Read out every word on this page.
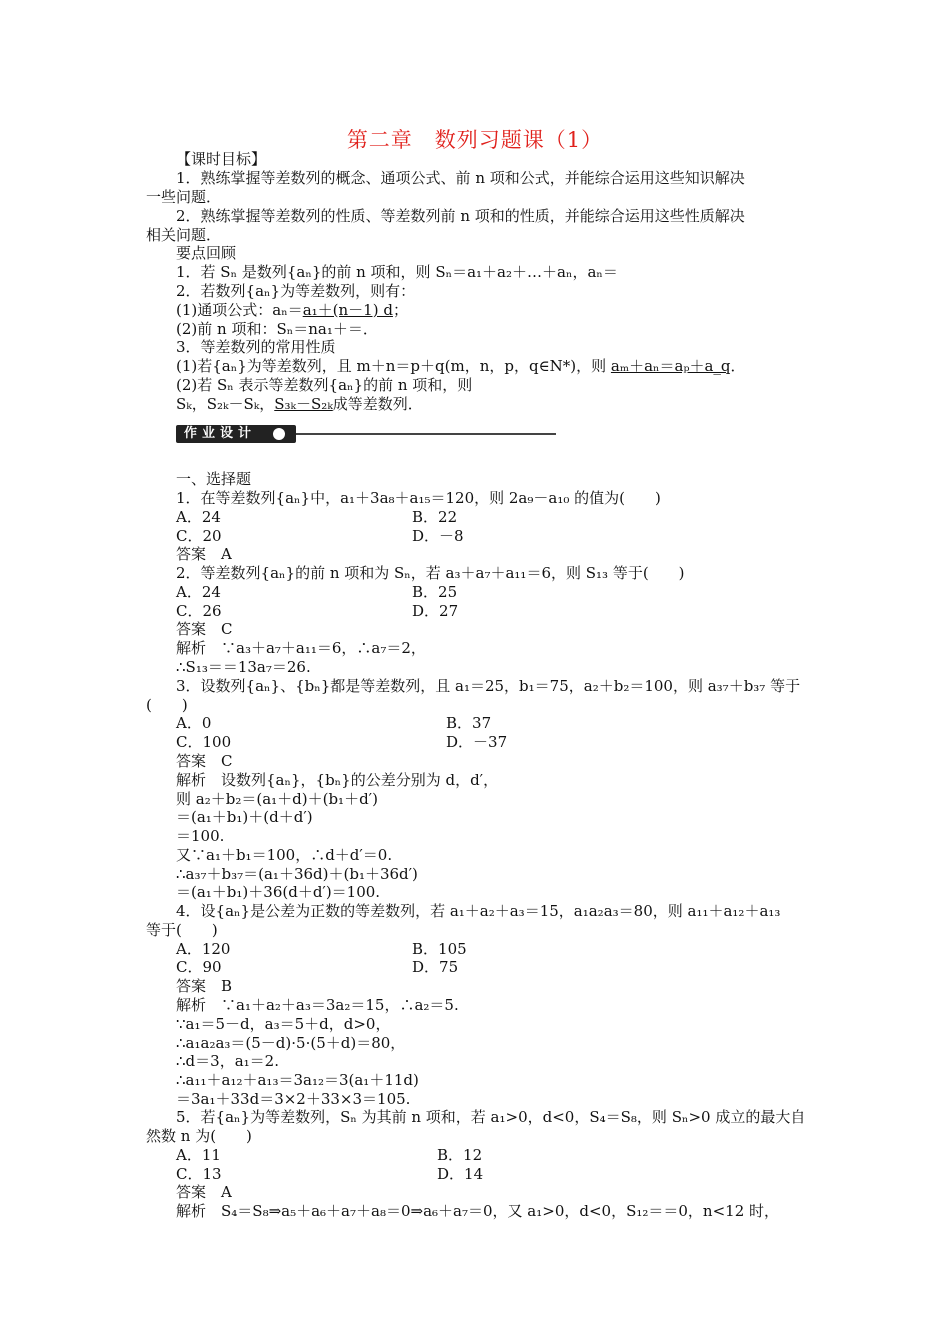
第二章　数列习题课（1）
【课时目标】
1．熟练掌握等差数列的概念、通项公式、前 n 项和公式，并能综合运用这些知识解决
一些问题．
2．熟练掌握等差数列的性质、等差数列前 n 项和的性质，并能综合运用这些性质解决
相关问题．
要点回顾
1．若 Sₙ 是数列{aₙ}的前 n 项和，则 Sₙ＝a₁＋a₂＋…＋aₙ，aₙ＝
2．若数列{aₙ}为等差数列，则有：
(1)通项公式：aₙ＝a₁＋(n－1) d；
(2)前 n 项和：Sₙ＝na₁＋＝．
3．等差数列的常用性质
(1)若{aₙ}为等差数列，且 m＋n＝p＋q(m，n，p，q∈N*)，则 aₘ＋aₙ＝aₚ＋a_q．
(2)若 Sₙ 表示等差数列{aₙ}的前 n 项和，则
Sₖ，S₂ₖ－Sₖ，S₃ₖ－S₂ₖ成等差数列．
作业设计
一、选择题
1．在等差数列{aₙ}中，a₁＋3a₈＋a₁₅＝120，则 2a₉－a₁₀ 的值为(　　)
A．24	B．22
C．20	D．－8
答案　A
2．等差数列{aₙ}的前 n 项和为 Sₙ，若 a₃＋a₇＋a₁₁＝6，则 S₁₃ 等于(　　)
A．24	B．25
C．26	D．27
答案　C
解析　∵a₃＋a₇＋a₁₁＝6，∴a₇＝2，
∴S₁₃＝＝13a₇＝26.
3．设数列{aₙ}、{bₙ}都是等差数列，且 a₁＝25，b₁＝75，a₂＋b₂＝100，则 a₃₇＋b₃₇ 等于
(　　)
A．0	B．37
C．100	D．－37
答案　C
解析　设数列{aₙ}，{bₙ}的公差分别为 d，d′，
则 a₂＋b₂＝(a₁＋d)＋(b₁＋d′)
＝(a₁＋b₁)＋(d＋d′)
＝100.
又∵a₁＋b₁＝100，∴d＋d′＝0.
∴a₃₇＋b₃₇＝(a₁＋36d)＋(b₁＋36d′)
＝(a₁＋b₁)＋36(d＋d′)＝100.
4．设{aₙ}是公差为正数的等差数列，若 a₁＋a₂＋a₃＝15，a₁a₂a₃＝80，则 a₁₁＋a₁₂＋a₁₃
等于(　　)
A．120	B．105
C．90	D．75
答案　B
解析　∵a₁＋a₂＋a₃＝3a₂＝15，∴a₂＝5.
∵a₁＝5－d，a₃＝5＋d，d>0，
∴a₁a₂a₃＝(5－d)·5·(5＋d)＝80，
∴d＝3，a₁＝2.
∴a₁₁＋a₁₂＋a₁₃＝3a₁₂＝3(a₁＋11d)
＝3a₁＋33d＝3×2＋33×3＝105.
5．若{aₙ}为等差数列，Sₙ 为其前 n 项和，若 a₁>0，d<0，S₄＝S₈，则 Sₙ>0 成立的最大自
然数 n 为(　　)
A．11	B．12
C．13	D．14
答案　A
解析　S₄＝S₈⇒a₅＋a₆＋a₇＋a₈＝0⇒a₆＋a₇＝0，又 a₁>0，d<0，S₁₂＝＝0，n<12 时，
